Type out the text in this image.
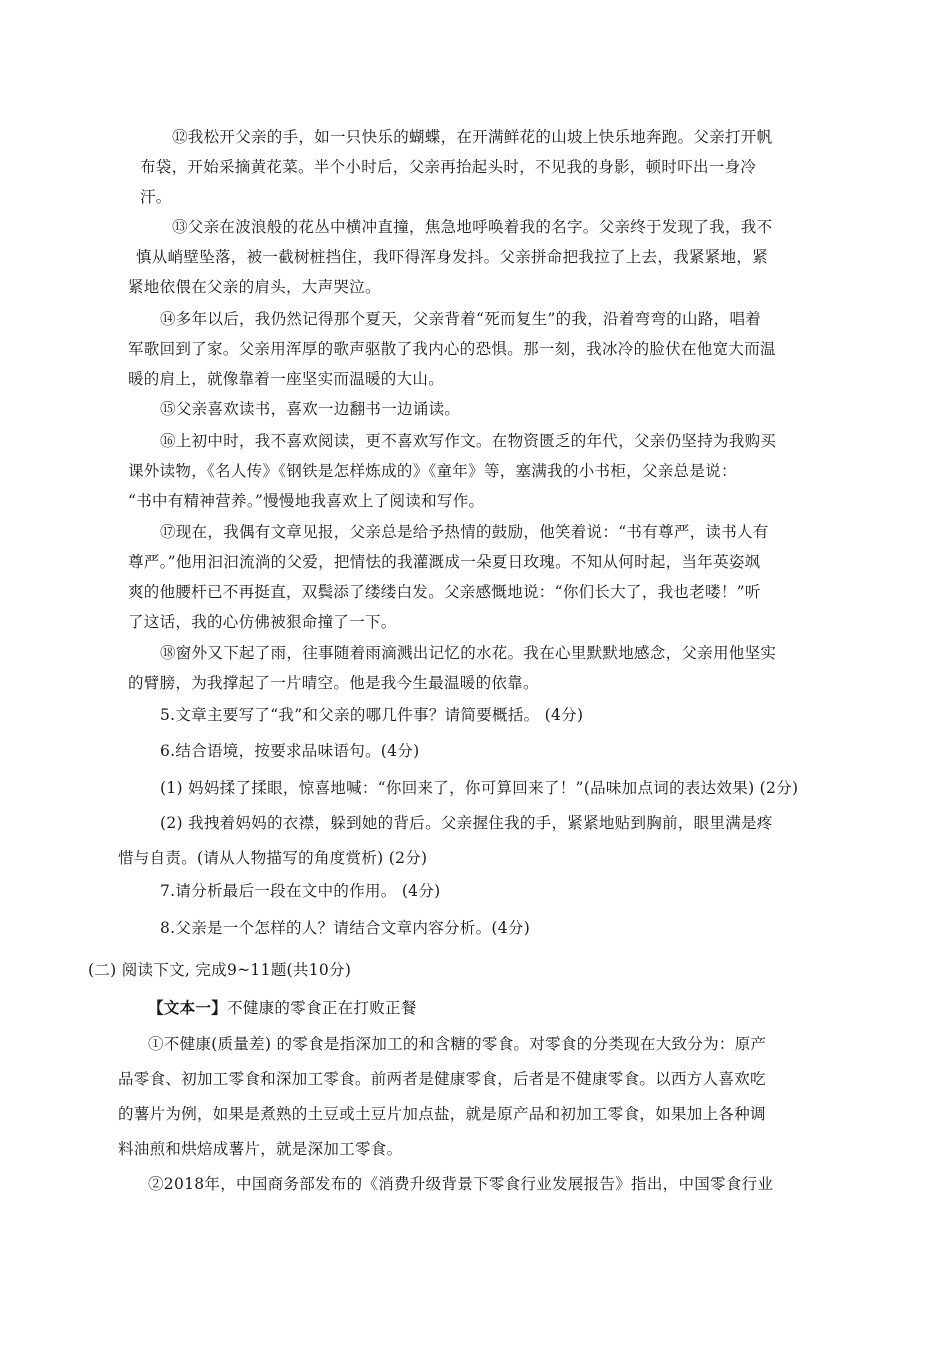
⑫我松开父亲的手，如一只快乐的蝴蝶，在开满鲜花的山坡上快乐地奔跑。父亲打开帆
布袋，开始采摘黄花菜。半个小时后，父亲再抬起头时，不见我的身影，顿时吓出一身冷
汗。
⑬父亲在波浪般的花丛中横冲直撞，焦急地呼唤着我的名字。父亲终于发现了我，我不
慎从峭壁坠落，被一截树桩挡住，我吓得浑身发抖。父亲拼命把我拉了上去，我紧紧地，紧
紧地依偎在父亲的肩头，大声哭泣。
⑭多年以后，我仍然记得那个夏天，父亲背着“死而复生”的我，沿着弯弯的山路，唱着
军歌回到了家。父亲用浑厚的歌声驱散了我内心的恐惧。那一刻，我冰冷的脸伏在他宽大而温
暖的肩上，就像靠着一座坚实而温暖的大山。
⑮父亲喜欢读书，喜欢一边翻书一边诵读。
⑯上初中时，我不喜欢阅读，更不喜欢写作文。在物资匮乏的年代，父亲仍坚持为我购买
课外读物，《名人传》《钢铁是怎样炼成的》《童年》等，塞满我的小书柜，父亲总是说：
“书中有精神营养。”慢慢地我喜欢上了阅读和写作。
⑰现在，我偶有文章见报，父亲总是给予热情的鼓励，他笑着说：“书有尊严，读书人有
尊严。”他用汩汩流淌的父爱，把情怯的我灌溉成一朵夏日玫瑰。不知从何时起，当年英姿飒
爽的他腰杆已不再挺直，双鬓添了缕缕白发。父亲感慨地说：“你们长大了，我也老喽！”听
了这话，我的心仿佛被狠命撞了一下。
⑱窗外又下起了雨，往事随着雨滴溅出记忆的水花。我在心里默默地感念，父亲用他坚实
的臂膀，为我撑起了一片晴空。他是我今生最温暖的依靠。
5.文章主要写了“我”和父亲的哪几件事？请简要概括。 (4分)
6.结合语境，按要求品味语句。(4分)
(1) 妈妈揉了揉眼，惊喜地喊：“你回来了，你可算回来了！”(品味加点词的表达效果) (2分)
(2) 我拽着妈妈的衣襟，躲到她的背后。父亲握住我的手，紧紧地贴到胸前，眼里满是疼
惜与自责。(请从人物描写的角度赏析) (2分)
7.请分析最后一段在文中的作用。 (4分)
8.父亲是一个怎样的人？请结合文章内容分析。(4分)
(二) 阅读下文, 完成9~11题(共10分)
【文本一】不健康的零食正在打败正餐
①不健康(质量差) 的零食是指深加工的和含糖的零食。对零食的分类现在大致分为：原产
品零食、初加工零食和深加工零食。前两者是健康零食，后者是不健康零食。以西方人喜欢吃
的薯片为例，如果是煮熟的土豆或土豆片加点盐，就是原产品和初加工零食，如果加上各种调
料油煎和烘焙成薯片，就是深加工零食。
②2018年，中国商务部发布的《消费升级背景下零食行业发展报告》指出，中国零食行业
